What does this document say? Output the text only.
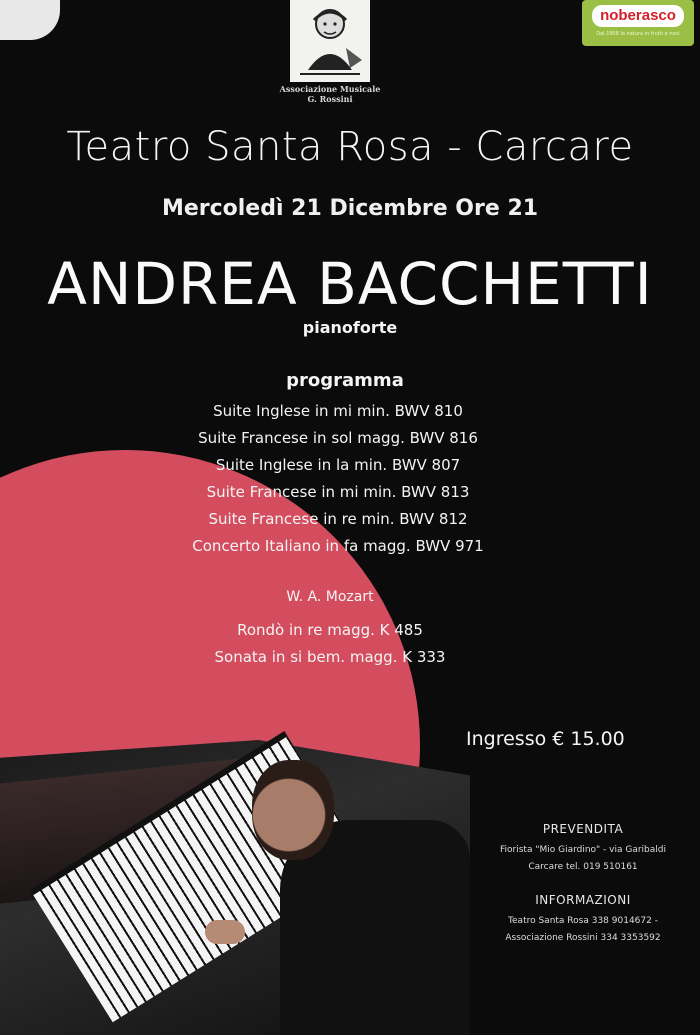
Associazione Musicale
G. Rossini
noberasco
Dal 1908 la natura in frutti e noci
Teatro Santa Rosa - Carcare
Mercoledì 21 Dicembre Ore 21
ANDREA BACCHETTI
pianoforte
programma
Suite Inglese in mi min. BWV 810
Suite Francese in sol magg. BWV 816
Suite Inglese in la min. BWV 807
Suite Francese in mi min. BWV 813
Suite Francese in re min. BWV 812
Concerto Italiano in fa magg. BWV 971
W. A. Mozart
Rondò in re magg. K 485
Sonata in si bem. magg. K 333
Ingresso € 15.00
PREVENDITA
Fiorista "Mio Giardino" - via Garibaldi
Carcare tel. 019 510161
INFORMAZIONI
Teatro Santa Rosa 338 9014672 -
Associazione Rossini 334 3353592
